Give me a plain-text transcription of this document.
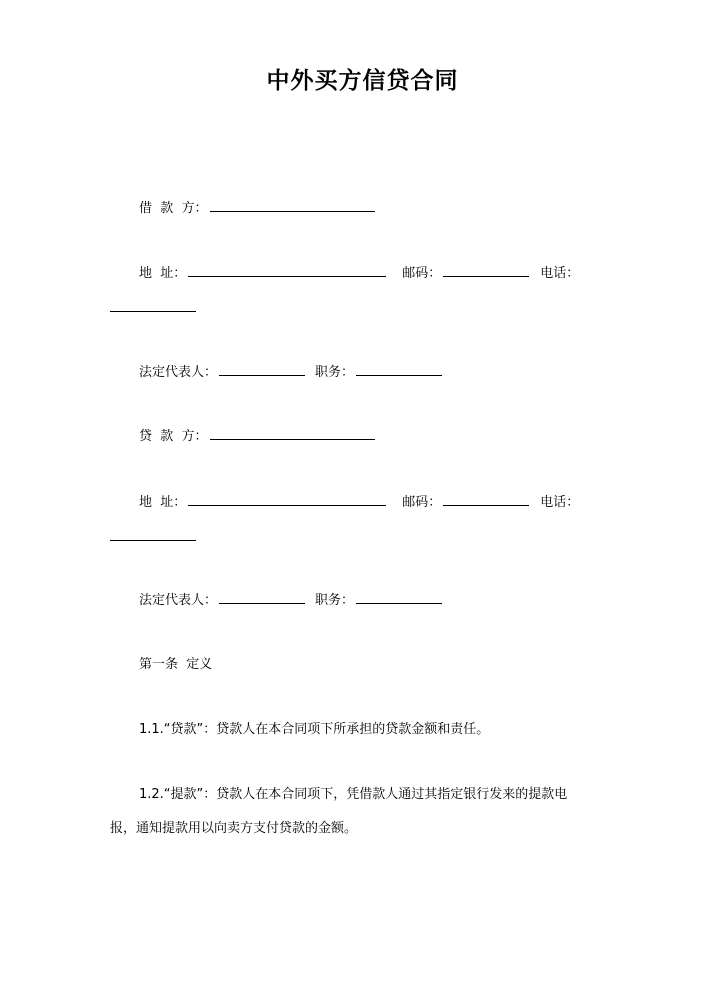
中外买方信贷合同
借  款  方：
地  址：	邮码：	电话：
法定代表人：	职务：
贷  款  方：
地  址：	邮码：	电话：
法定代表人：	职务：
第一条  定义
1.1.“贷款”：贷款人在本合同项下所承担的贷款金额和责任。
1.2.“提款”：贷款人在本合同项下，凭借款人通过其指定银行发来的提款电
报，通知提款用以向卖方支付贷款的金额。
